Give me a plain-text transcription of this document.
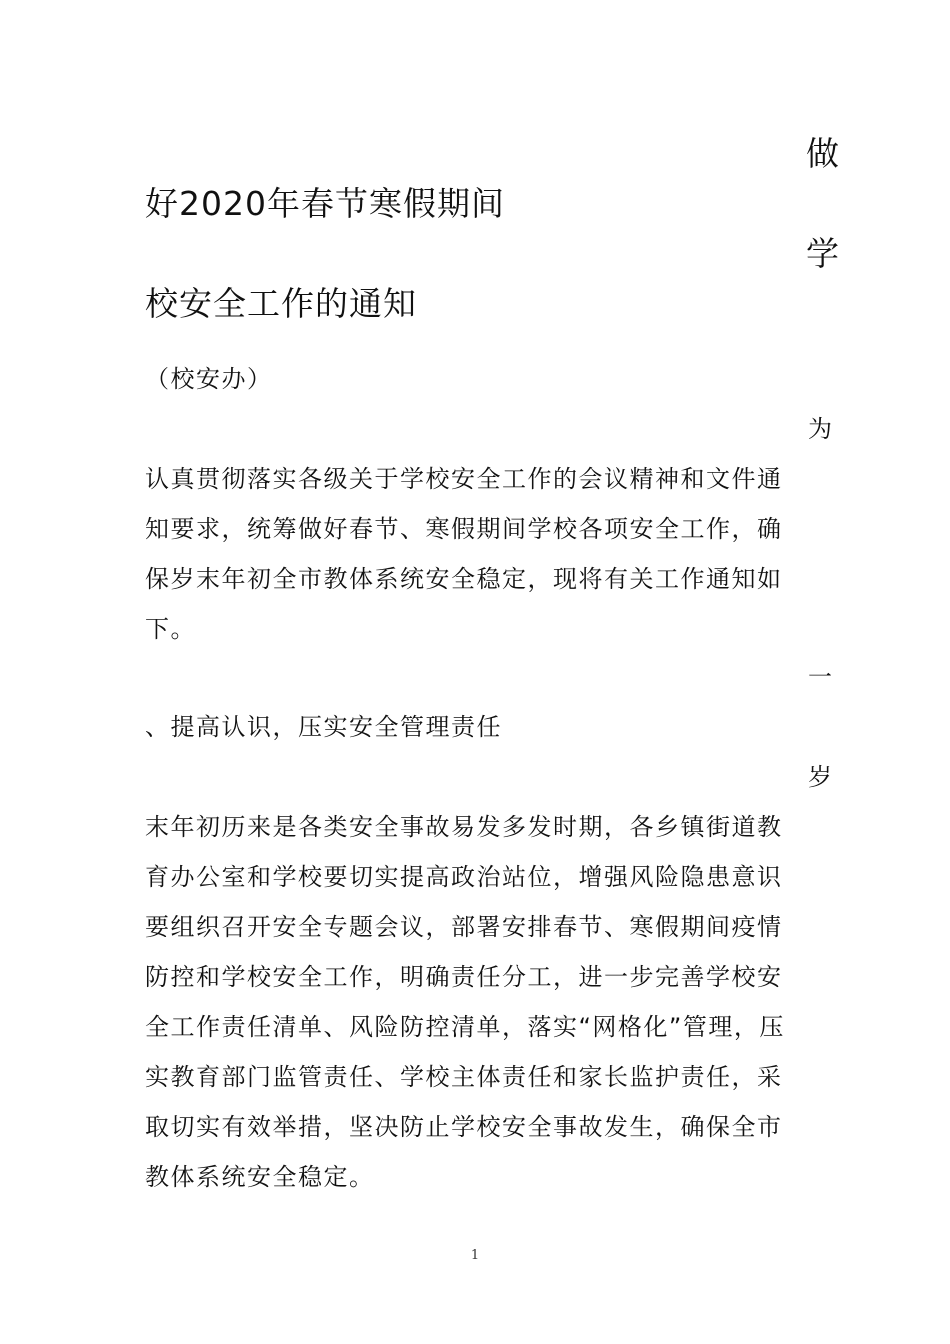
做
好2020年春节寒假期间
学
校安全工作的通知
（校安办）
为
认真贯彻落实各级关于学校安全工作的会议精神和文件通
知要求，统筹做好春节、寒假期间学校各项安全工作，确
保岁末年初全市教体系统安全稳定，现将有关工作通知如
下。
一
、提高认识，压实安全管理责任
岁
末年初历来是各类安全事故易发多发时期，各乡镇街道教
育办公室和学校要切实提高政治站位，增强风险隐患意识
要组织召开安全专题会议，部署安排春节、寒假期间疫情
防控和学校安全工作，明确责任分工，进一步完善学校安
全工作责任清单、风险防控清单，落实“网格化”管理，压
实教育部门监管责任、学校主体责任和家长监护责任，采
取切实有效举措，坚决防止学校安全事故发生，确保全市
教体系统安全稳定。
1
